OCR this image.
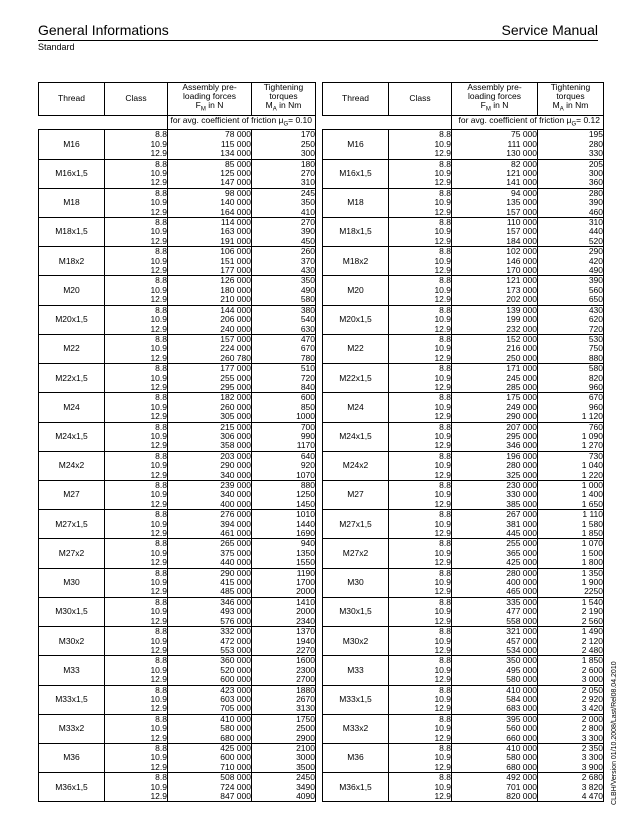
General Informations	Service Manual
Standard
Thread	Class	Assembly pre-
loading forces
$F_M$ in N	Tightening
torques
$M_A$ in Nm
		for avg. coefficient of friction $\mu_G= 0.10$	
M16	8.8	78 000	170
	10.9	115 000	250
	12.9	134 000	300
M16x1,5	8.8	85 000	180
	10.9	125 000	270
	12.9	147 000	310
M18	8.8	98 000	245
	10.9	140 000	350
	12.9	164 000	410
M18x1,5	8.8	114 000	270
	10.9	163 000	390
	12.9	191 000	450
M18x2	8.8	106 000	260
	10.9	151 000	370
	12.9	177 000	430
M20	8.8	126 000	350
	10.9	180 000	490
	12.9	210 000	580
M20x1,5	8.8	144 000	380
	10.9	206 000	540
	12.9	240 000	630
M22	8.8	157 000	470
	10.9	224 000	670
	12.9	260 780	780
M22x1,5	8.8	177 000	510
	10.9	255 000	720
	12.9	295 000	840
M24	8.8	182 000	600
	10.9	260 000	850
	12.9	305 000	1000
M24x1,5	8.8	215 000	700
	10.9	306 000	990
	12.9	358 000	1170
M24x2	8.8	203 000	640
	10.9	290 000	920
	12.9	340 000	1070
M27	8.8	239 000	880
	10.9	340 000	1250
	12.9	400 000	1450
M27x1,5	8.8	276 000	1010
	10.9	394 000	1440
	12.9	461 000	1690
M27x2	8.8	265 000	940
	10.9	375 000	1350
	12.9	440 000	1550
M30	8.8	290 000	1190
	10.9	415 000	1700
	12.9	485 000	2000
M30x1,5	8.8	346 000	1410
	10.9	493 000	2000
	12.9	576 000	2340
M30x2	8.8	332 000	1370
	10.9	472 000	1940
	12.9	553 000	2270
M33	8.8	360 000	1600
	10.9	520 000	2300
	12.9	600 000	2700
M33x1,5	8.8	423 000	1880
	10.9	603 000	2670
	12.9	705 000	3130
M33x2	8.8	410 000	1750
	10.9	580 000	2500
	12.9	680 000	2900
M36	8.8	425 000	2100
	10.9	600 000	3000
	12.9	710 000	3500
M36x1,5	8.8	508 000	2450
	10.9	724 000	3490
	12.9	847 000	4090
Thread	Class	Assembly pre-
loading forces
$F_M$ in N	Tightening torques
$M_A$ in Nm
		for avg. coefficient of friction $\mu_G= 0.12$	
M16	8.8	75 000	195
	10.9	111 000	280
	12.9	130 000	330
M16x1,5	8.8	82 000	205
	10.9	121 000	300
	12.9	141 000	360
M18	8.8	94 000	280
	10.9	135 000	390
	12.9	157 000	460
M18x1,5	8.8	110 000	310
	10.9	157 000	440
	12.9	184 000	520
M18x2	8.8	102 000	290
	10.9	146 000	420
	12.9	170 000	490
M20	8.8	121 000	390
	10.9	173 000	560
	12.9	202 000	650
M20x1,5	8.8	139 000	430
	10.9	199 000	620
	12.9	232 000	720
M22	8.8	152 000	530
	10.9	216 000	750
	12.9	250 000	880
M22x1,5	8.8	171 000	580
	10.9	245 000	820
	12.9	285 000	960
M24	8.8	175 000	670
	10.9	249 000	960
	12.9	290 000	1 120
M24x1,5	8.8	207 000	760
	10.9	295 000	1 090
	12.9	346 000	1 270
M24x2	8.8	196 000	730
	10.9	280 000	1 040
	12.9	325 000	1 220
M27	8.8	230 000	1 000
	10.9	330 000	1 400
	12.9	385 000	1 650
M27x1,5	8.8	267 000	1 110
	10.9	381 000	1 580
	12.9	445 000	1 850
M27x2	8.8	255 000	1 070
	10.9	365 000	1 500
	12.9	425 000	1 800
M30	8.8	280 000	1 350
	10.9	400 000	1 900
	12.9	465 000	2250
M30x1,5	8.8	335 000	1 540
	10.9	477 000	2 190
	12.9	558 000	2 560
M30x2	8.8	321 000	1 490
	10.9	457 000	2 120
	12.9	534 000	2 480
M33	8.8	350 000	1 850
	10.9	495 000	2 600
	12.9	580 000	3 000
M33x1,5	8.8	410 000	2 050
	10.9	584 000	2 920
	12.9	683 000	3 420
M33x2	8.8	395 000	2 000
	10.9	560 000	2 800
	12.9	660 000	3 300
M36	8.8	410 000	2 350
	10.9	580 000	3 300
	12.9	680 000	3 900
M36x1,5	8.8	492 000	2 680
	10.9	701 000	3 820
	12.9	820 000	4 470 CLBH/Version 01/10.2008/Last/Rel08.04.2010
